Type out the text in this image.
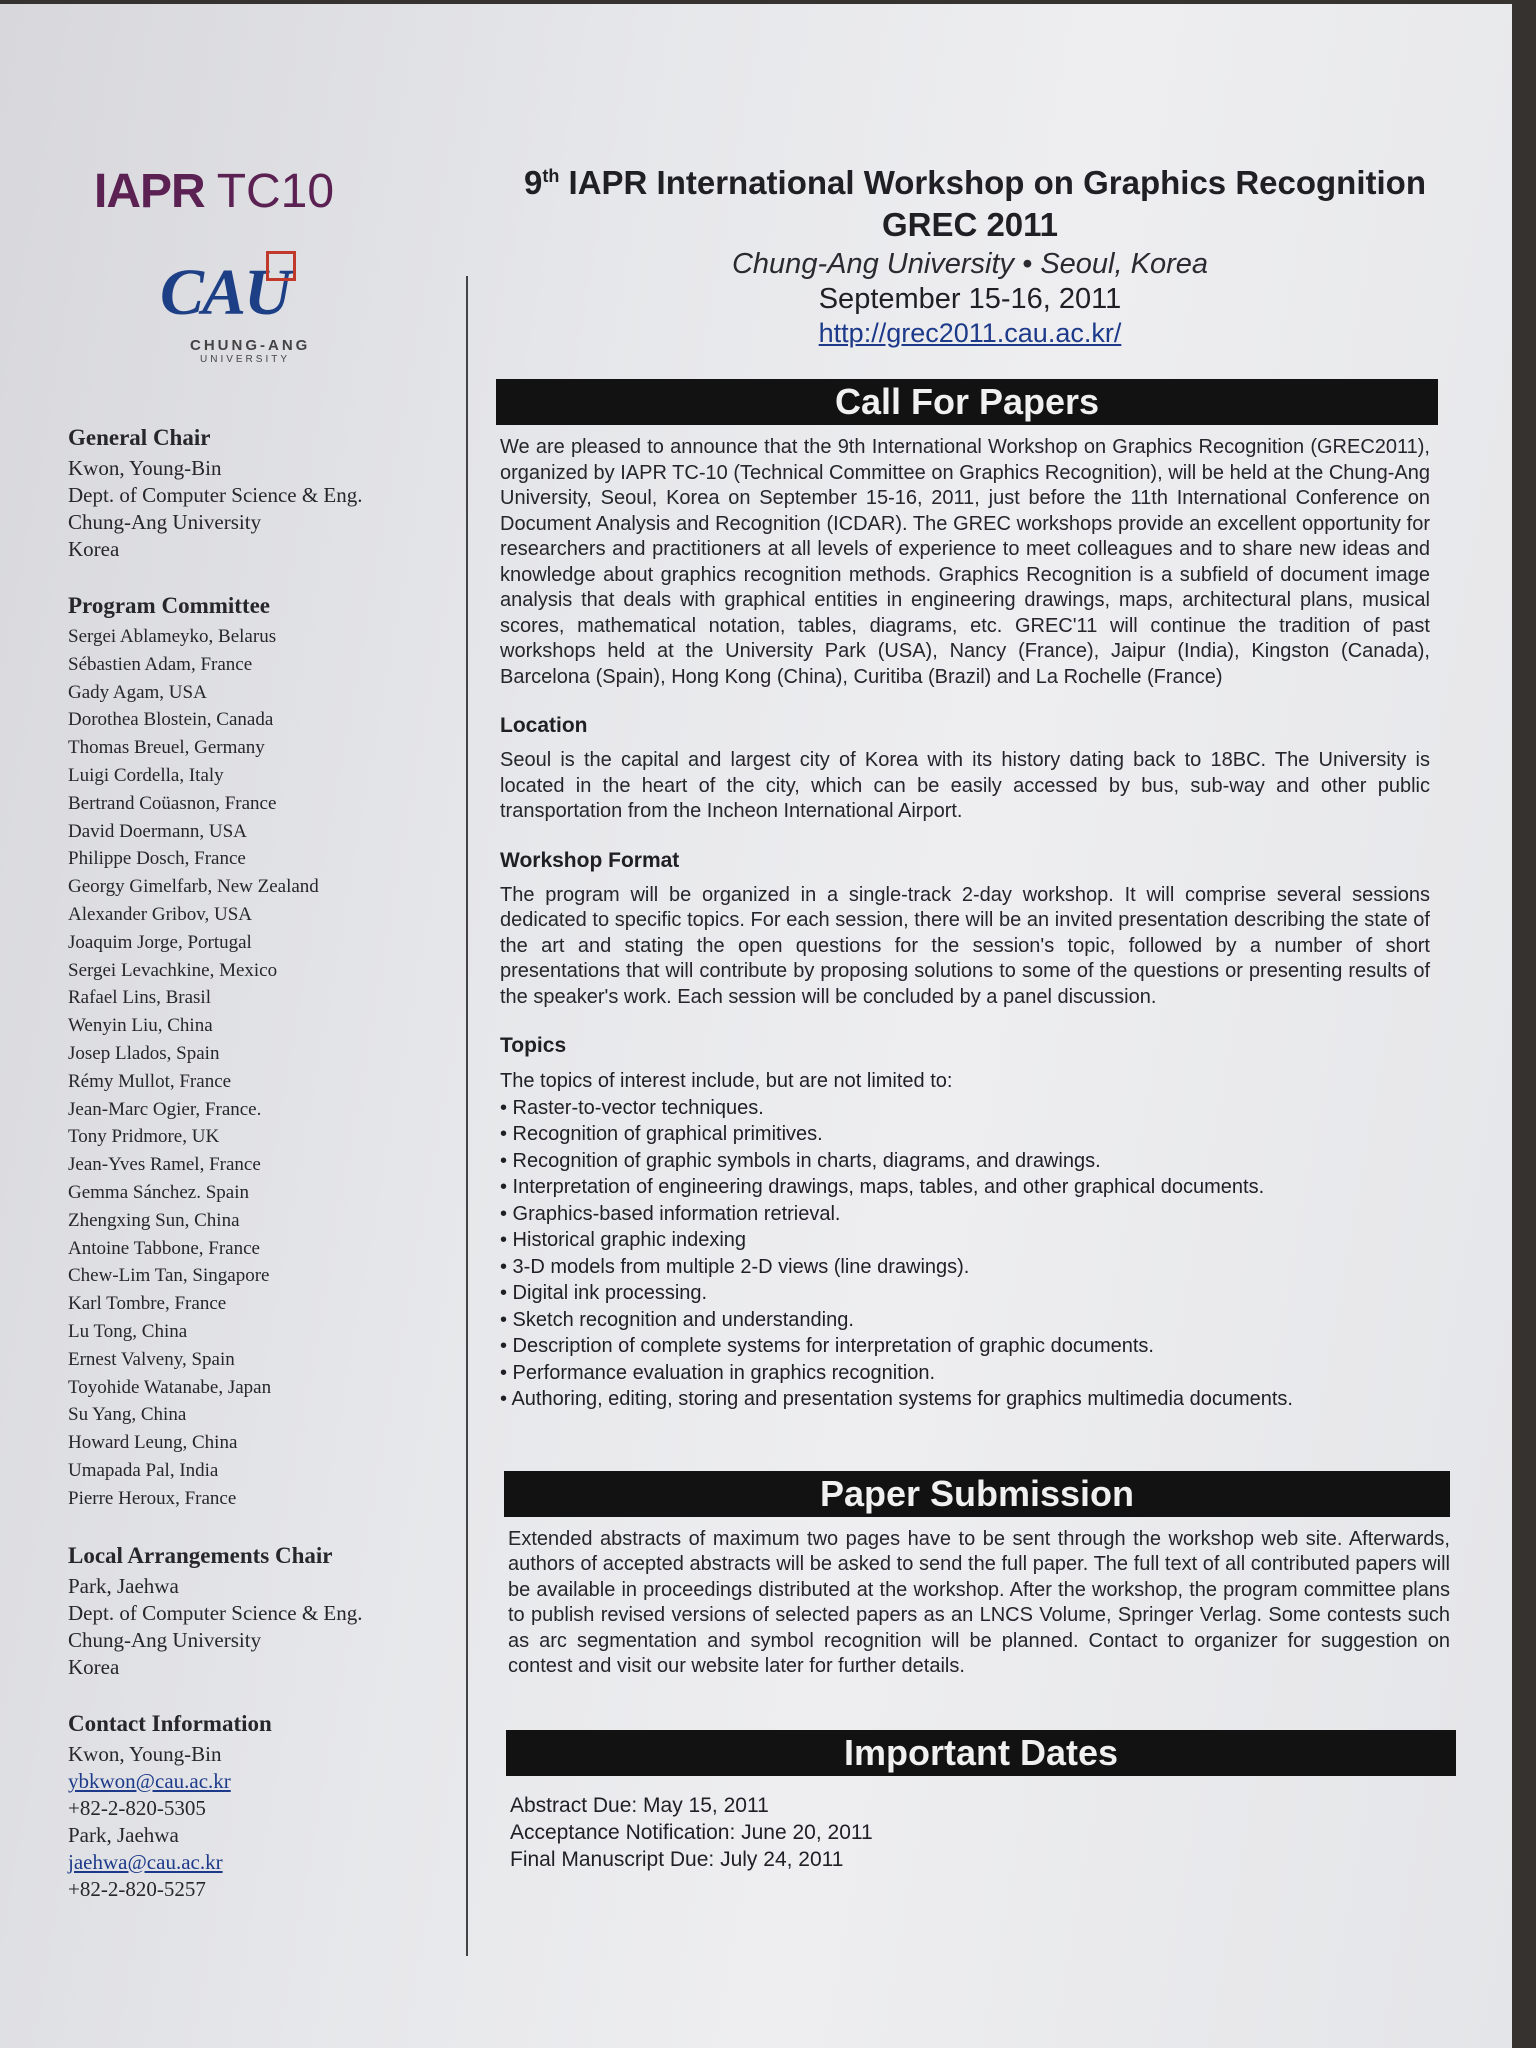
IAPR TC10
CAU
CHUNG-ANG
UNIVERSITY
General Chair
Kwon, Young-Bin
Dept. of Computer Science & Eng.
Chung-Ang University
Korea
Program Committee
Sergei Ablameyko, Belarus
Sébastien Adam, France
Gady Agam, USA
Dorothea Blostein, Canada
Thomas Breuel, Germany
Luigi Cordella, Italy
Bertrand Coüasnon, France
David Doermann, USA
Philippe Dosch, France
Georgy Gimelfarb, New Zealand
Alexander Gribov, USA
Joaquim Jorge, Portugal
Sergei Levachkine, Mexico
Rafael Lins, Brasil
Wenyin Liu, China
Josep Llados, Spain
Rémy Mullot, France
Jean-Marc Ogier, France.
Tony Pridmore, UK
Jean-Yves Ramel, France
Gemma Sánchez. Spain
Zhengxing Sun, China
Antoine Tabbone, France
Chew-Lim Tan, Singapore
Karl Tombre, France
Lu Tong, China
Ernest Valveny, Spain
Toyohide Watanabe, Japan
Su Yang, China
Howard Leung, China
Umapada Pal, India
Pierre Heroux, France
Local Arrangements Chair
Park, Jaehwa
Dept. of Computer Science & Eng.
Chung-Ang University
Korea
Contact Information
Kwon, Young-Bin
ybkwon@cau.ac.kr
+82-2-820-5305
Park, Jaehwa
jaehwa@cau.ac.kr
+82-2-820-5257
9th IAPR International Workshop on Graphics Recognition
GREC 2011
Chung-Ang University • Seoul, Korea
September 15-16, 2011
http://grec2011.cau.ac.kr/
Call For Papers
We are pleased to announce that the 9th International Workshop on Graphics Recognition (GREC2011), organized by IAPR TC-10 (Technical Committee on Graphics Recognition), will be held at the Chung-Ang University, Seoul, Korea on September 15-16, 2011, just before the 11th International Conference on Document Analysis and Recognition (ICDAR). The GREC workshops provide an excellent opportunity for researchers and practitioners at all levels of experience to meet colleagues and to share new ideas and knowledge about graphics recognition methods. Graphics Recognition is a subfield of document image analysis that deals with graphical entities in engineering drawings, maps, architectural plans, musical scores, mathematical notation, tables, diagrams, etc. GREC'11 will continue the tradition of past workshops held at the University Park (USA), Nancy (France), Jaipur (India), Kingston (Canada), Barcelona (Spain), Hong Kong (China), Curitiba (Brazil) and La Rochelle (France)
Location
Seoul is the capital and largest city of Korea with its history dating back to 18BC. The University is located in the heart of the city, which can be easily accessed by bus, sub-way and other public transportation from the Incheon International Airport.
Workshop Format
The program will be organized in a single-track 2-day workshop. It will comprise several sessions dedicated to specific topics. For each session, there will be an invited presentation describing the state of the art and stating the open questions for the session's topic, followed by a number of short presentations that will contribute by proposing solutions to some of the questions or presenting results of the speaker's work. Each session will be concluded by a panel discussion.
Topics
The topics of interest include, but are not limited to:
• Raster-to-vector techniques.
• Recognition of graphical primitives.
• Recognition of graphic symbols in charts, diagrams, and drawings.
• Interpretation of engineering drawings, maps, tables, and other graphical documents.
• Graphics-based information retrieval.
• Historical graphic indexing
• 3-D models from multiple 2-D views (line drawings).
• Digital ink processing.
• Sketch recognition and understanding.
• Description of complete systems for interpretation of graphic documents.
• Performance evaluation in graphics recognition.
• Authoring, editing, storing and presentation systems for graphics multimedia documents.
Paper Submission
Extended abstracts of maximum two pages have to be sent through the workshop web site. Afterwards, authors of accepted abstracts will be asked to send the full paper. The full text of all contributed papers will be available in proceedings distributed at the workshop. After the workshop, the program committee plans to publish revised versions of selected papers as an LNCS Volume, Springer Verlag. Some contests such as arc segmentation and symbol recognition will be planned. Contact to organizer for suggestion on contest and visit our website later for further details.
Important Dates
Abstract Due: May 15, 2011
Acceptance Notification: June 20, 2011
Final Manuscript Due: July 24, 2011
